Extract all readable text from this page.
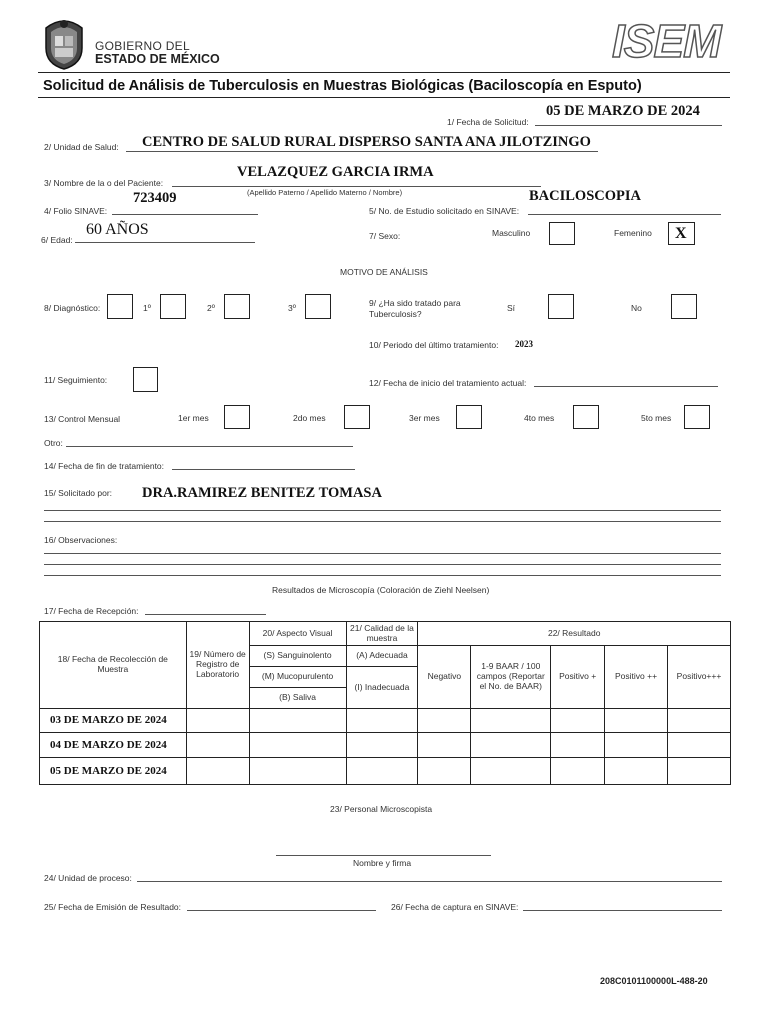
GOBIERNO DEL
ESTADO DE MÉXICO	ISEM
Solicitud de Análisis de Tuberculosis en Muestras Biológicas (Baciloscopía en Esputo)
05 DE MARZO DE 2024
1/ Fecha de Solicitud:
2/ Unidad de Salud: CENTRO DE SALUD RURAL DISPERSO SANTA ANA JILOTZINGO
VELAZQUEZ GARCIA IRMA
3/ Nombre de la o del Paciente:
(Apellido Paterno / Apellido Materno / Nombre)
723409
4/ Folio SINAVE:
BACILOSCOPIA
5/ No. de Estudio solicitado en SINAVE:
60 AÑOS
6/ Edad:	7/ Sexo:	Masculino	Femenino X
MOTIVO DE ANÁLISIS
8/ Diagnóstico:	1º	2º	3º	9/ ¿Ha sido tratado para
Tuberculosis?
Sí	No
10/ Periodo del último tratamiento: 2023
11/ Seguimiento:	12/ Fecha de inicio del tratamiento actual:
13/ Control Mensual	1er mes	2do mes	3er mes	4to mes	5to mes
Otro:
14/ Fecha de fin de tratamiento:
15/ Solicitado por: DRA.RAMIREZ BENITEZ TOMASA
16/ Observaciones:
Resultados de Microscopía (Coloración de Ziehl Neelsen)
17/ Fecha de Recepción:
18/ Fecha de Recolección de Muestra	19/ Número de Registro de Laboratorio	20/ Aspecto Visual	21/ Calidad de la muestra	22/ Resultado				
		(S) Sanguinolento	(A) Adecuada	Negativo	1-9 BAAR / 100 campos (Reportar el No. de BAAR)	Positivo +	Positivo ++	Positivo+++
		(M) Mucopurulento	(I) Inadecuada					
		(B) Saliva						
03 DE MARZO DE 2024								
04 DE MARZO DE 2024								
05 DE MARZO DE 2024								
23/ Personal Microscopista
Nombre y firma
24/ Unidad de proceso:
25/ Fecha de Emisión de Resultado:	26/ Fecha de captura en SINAVE:
208C0101100000L-488-20
